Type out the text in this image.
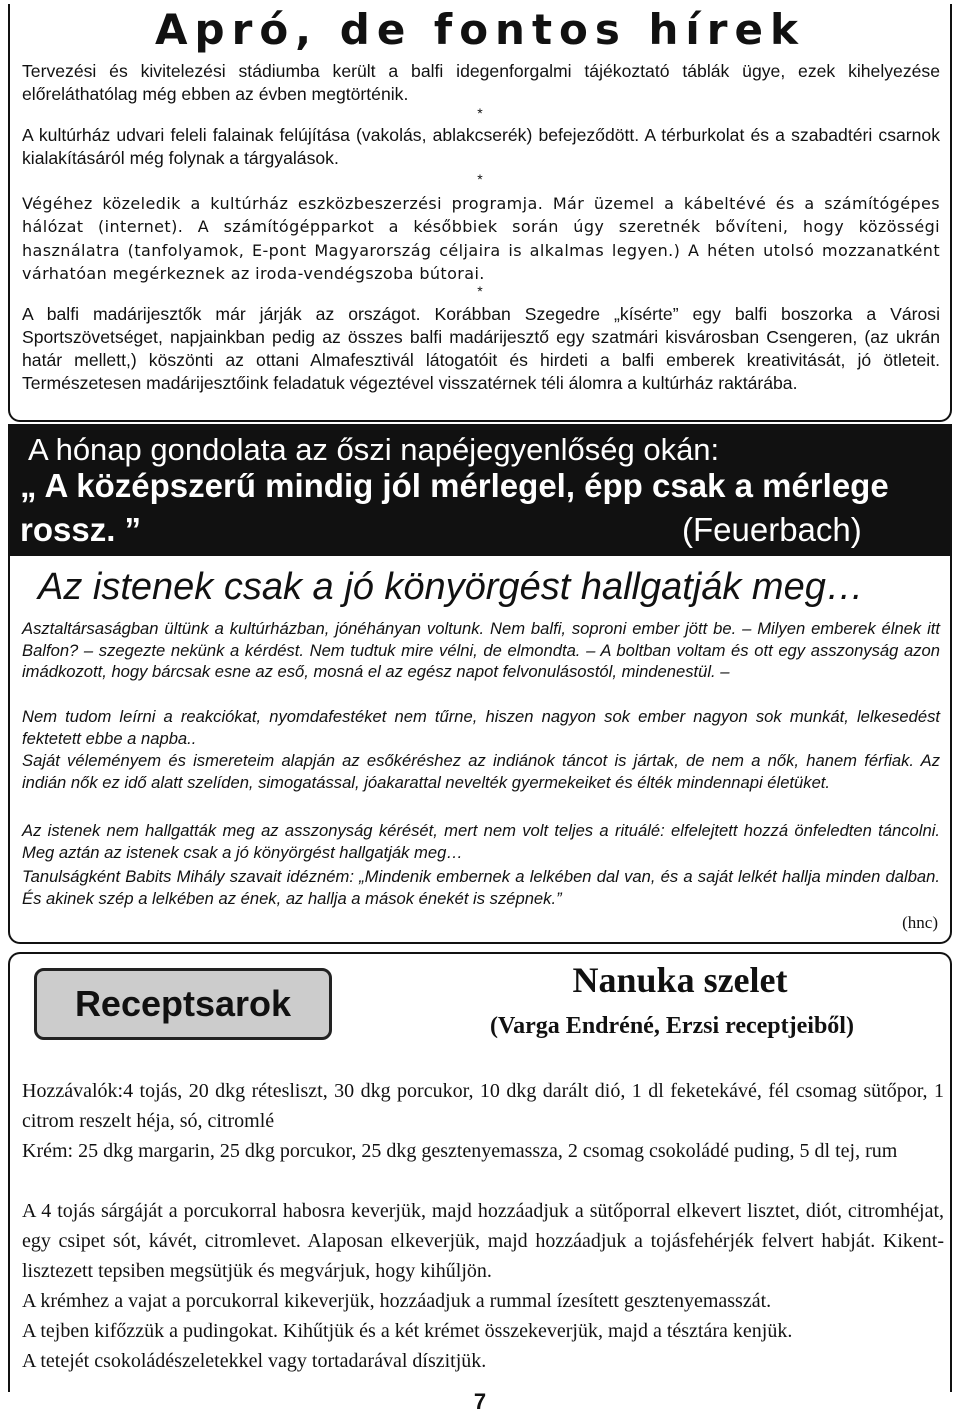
Apró, de fontos hírek

Tervezési és kivitelezési stádiumba került a balfi idegenforgalmi tájékoztató táblák ügye, ezek kihelyezése előreláthatólag még ebben az évben megtörténik.

*

A kultúrház udvari feleli falainak felújítása (vakolás, ablakcserék) befejeződött. A térburkolat és a szabadtéri csarnok kialakításáról még folynak a tárgyalások.

*

Végéhez közeledik a kultúrház eszközbeszerzési programja. Már üzemel a kábeltévé és a számítógépes hálózat (internet). A számítógépparkot a későbbiek során úgy szeretnék bővíteni, hogy közösségi használatra (tanfolyamok, E-pont Magyarország céljaira is alkalmas legyen.) A héten utolsó mozzanatként várhatóan megérkeznek az iroda-vendégszoba bútorai.

*

A balfi madárijesztők már járják az országot. Korábban Szegedre „kísérte” egy balfi boszorka a Városi Sportszövetséget, napjainkban pedig az összes balfi madárijesztő egy szatmári kisvárosban Csengeren, (az ukrán határ mellett,) köszönti az ottani Almafesztivál látogatóit és hirdeti a balfi emberek kreativitását, jó ötleteit. Természetesen madárijesztőink feladatuk végeztével visszatérnek téli álomra a kultúrház raktárába.

A hónap gondolata az őszi napéjegyenlőség okán:
„ A középszerű mindig jól mérlegel, épp csak a mérlege
rossz. ”	(Feuerbach)
Az istenek csak a jó könyörgést hallgatják meg…

Asztaltársaságban ültünk a kultúrházban, jónéhányan voltunk. Nem balfi, soproni ember jött be. – Milyen emberek élnek itt Balfon? – szegezte nekünk a kérdést. Nem tudtuk mire vélni, de elmondta. – A boltban voltam és ott egy asszonyság azon imádkozott, hogy bárcsak esne az eső, mosná el az egész napot felvonulásostól, mindenestül. –

Nem tudom leírni a reakciókat, nyomdafestéket nem tűrne, hiszen nagyon sok ember nagyon sok munkát, lelkesedést fektetett ebbe a napba..

Saját véleményem és ismereteim alapján az esőkéréshez az indiánok táncot is jártak, de nem a nők, hanem férfiak. Az indián nők ez idő alatt szelíden, simogatással, jóakarattal nevelték gyermekeiket és élték mindennapi életüket.

Az istenek nem hallgatták meg az asszonyság kérését, mert nem volt teljes a rituálé: elfelejtett hozzá önfeledten táncolni. Meg aztán az istenek csak a jó könyörgést hallgatják meg…

Tanulságként Babits Mihály szavait idézném: „Mindenik embernek a lelkében dal van, és a saját lelkét hallja minden dalban. És akinek szép a lelkében az ének, az hallja a mások énekét is szépnek.”

(hnc)
Receptsarok
Nanuka szelet
(Varga Endréné, Erzsi receptjeiből)

Hozzávalók:4 tojás, 20 dkg rétesliszt, 30 dkg porcukor, 10 dkg darált dió, 1 dl feketekávé, fél csomag sütőpor, 1 citrom reszelt héja, só, citromlé

Krém: 25 dkg margarin, 25 dkg porcukor, 25 dkg gesztenyemassza, 2 csomag csokoládé puding, 5 dl tej, rum

A 4 tojás sárgáját a porcukorral habosra keverjük, majd hozzáadjuk a sütőporral elkevert lisztet, diót, citromhéjat, egy csipet sót, kávét, citromlevet. Alaposan elkeverjük, majd hozzáadjuk a tojásfehérjék felvert habját. Kikent-lisztezett tepsiben megsütjük és megvárjuk, hogy kihűljön.

A krémhez a vajat a porcukorral kikeverjük, hozzáadjuk a rummal ízesített gesztenyemasszát.

A tejben kifőzzük a pudingokat. Kihűtjük és a két krémet összekeverjük, majd a tésztára kenjük.

A tetejét csokoládészeletekkel vagy tortadarával díszitjük.

7
